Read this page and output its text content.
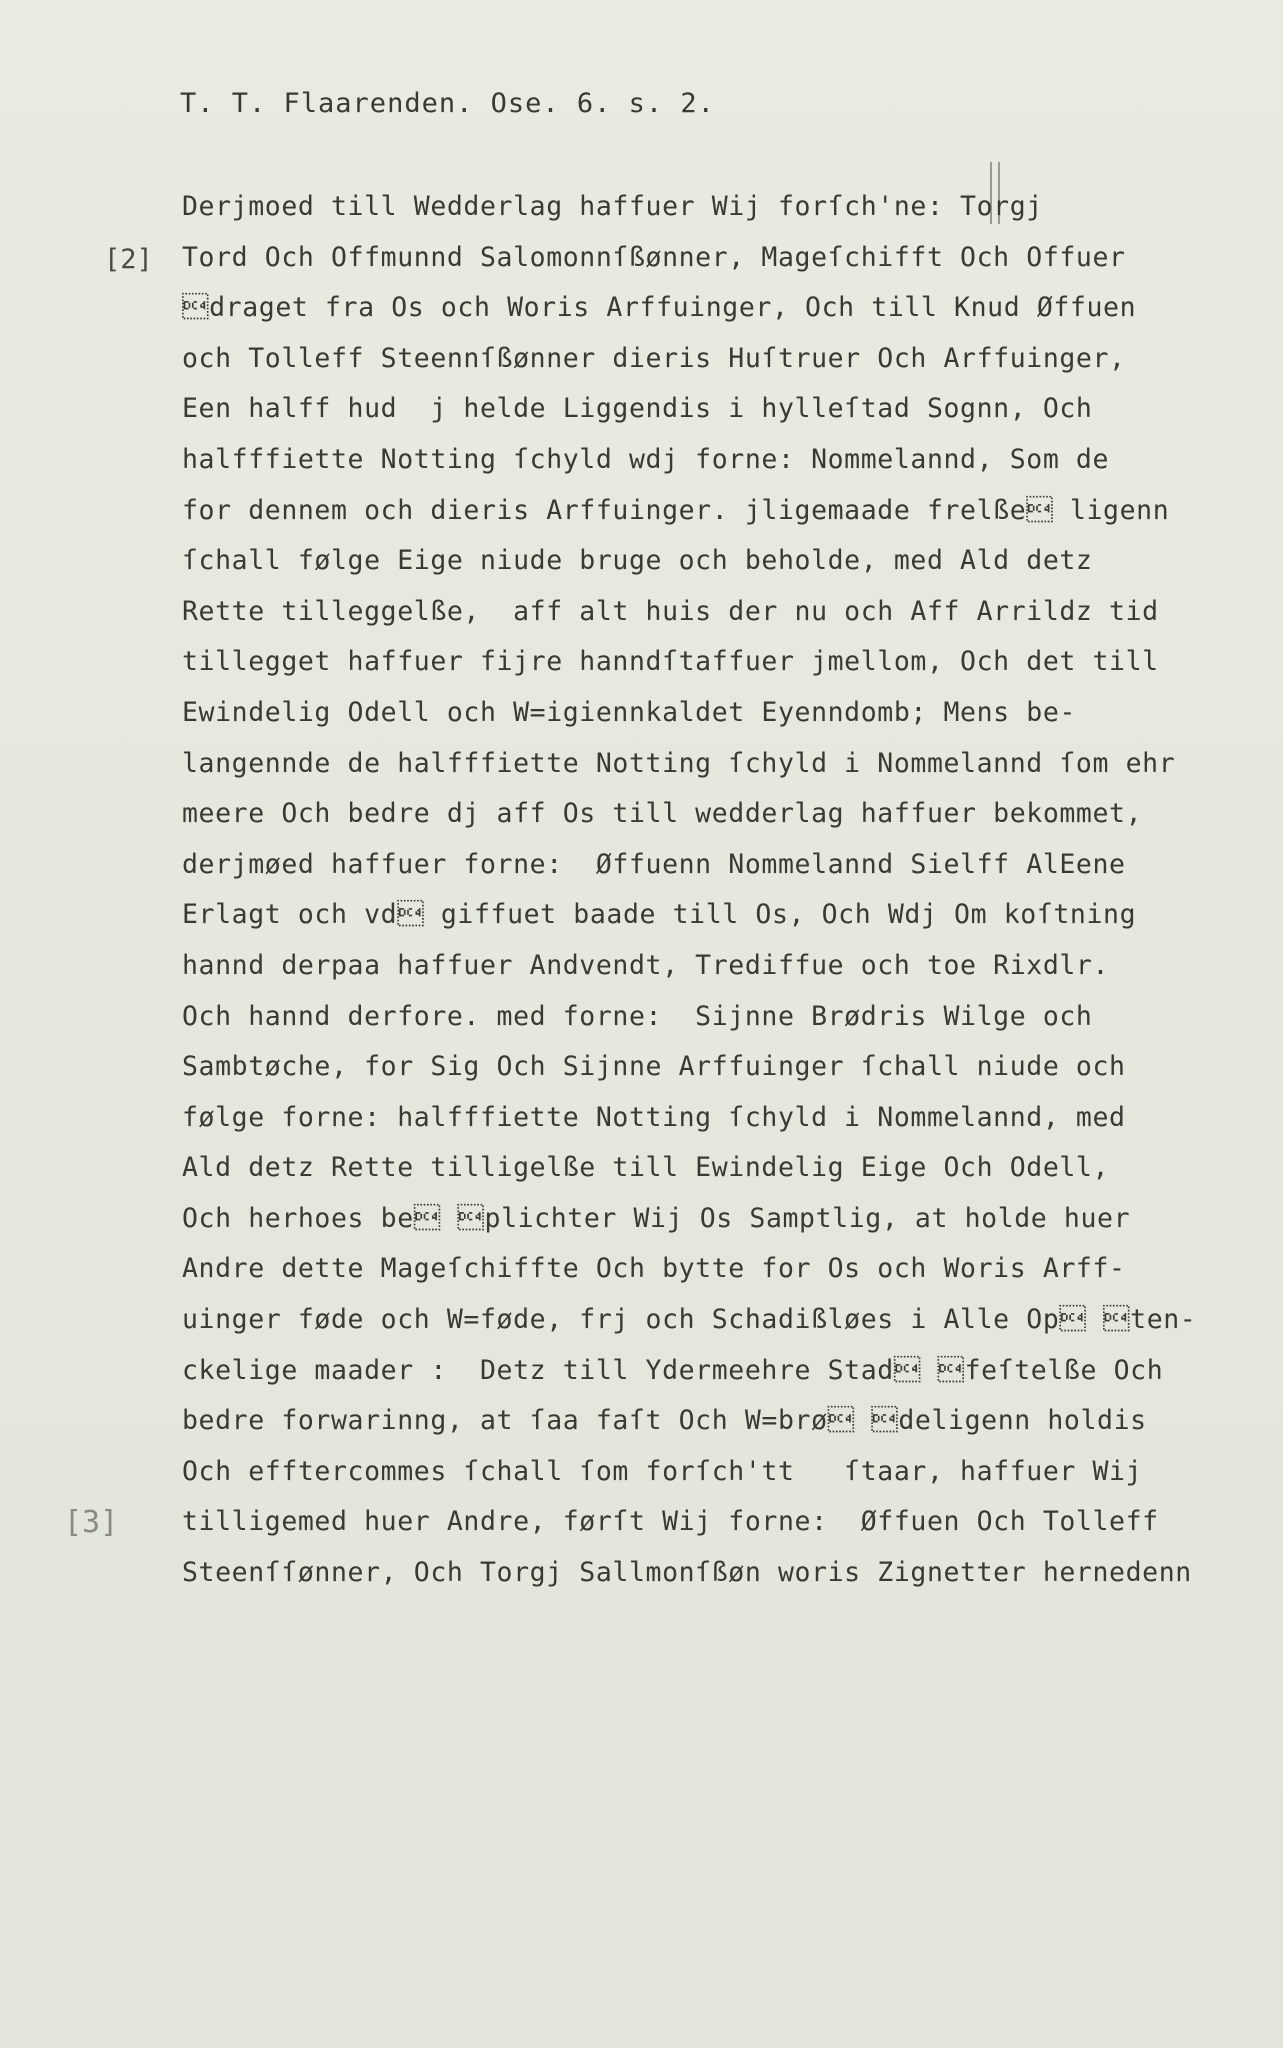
T. T. Flaarenden. Ose. 6. s. 2.
[2]
[3]
Derjmoed till Wedderlag haffuer Wij forſch'ne: Torgj
Tord Och Offmunnd Salomonnſßønner, Mageſchifft Och Offuer
draget fra Os och Woris Arffuinger, Och till Knud Øffuen
och Tolleff Steennſßønner dieris Huſtruer Och Arffuinger,
Een halff hud  j helde Liggendis i hylleſtad Sognn, Och
halfffiette Notting ſchyld wdj forne: Nommelannd, Som de
for dennem och dieris Arffuinger. jligemaade frelße ligenn
ſchall følge Eige niude bruge och beholde, med Ald detz
Rette tilleggelße,  aff alt huis der nu och Aff Arrildz tid
tillegget haffuer fijre hanndſtaffuer jmellom, Och det till
Ewindelig Odell och W=igiennkaldet Eyenndomb; Mens be-
langennde de halfffiette Notting ſchyld i Nommelannd ſom ehr
meere Och bedre dj aff Os till wedderlag haffuer bekommet,
derjmøed haffuer forne:  Øffuenn Nommelannd Sielff AlEene
Erlagt och vd giffuet baade till Os, Och Wdj Om koſtning
hannd derpaa haffuer Andvendt, Trediffue och toe Rixdlr.
Och hannd derfore. med forne:  Sijnne Brødris Wilge och
Sambtøche, for Sig Och Sijnne Arffuinger ſchall niude och
følge forne: halfffiette Notting ſchyld i Nommelannd, med
Ald detz Rette tilligelße till Ewindelig Eige Och Odell,
Och herhoes be plichter Wij Os Samptlig, at holde huer
Andre dette Mageſchiffte Och bytte for Os och Woris Arff-
uinger føde och W=føde, frj och Schadißløes i Alle Op ten-
ckelige maader :  Detz till Ydermeehre Stad feſtelße Och
bedre forwarinng, at ſaa faſt Och W=brø deligenn holdis
Och efftercommes ſchall ſom forſch'tt   ſtaar, haffuer Wij
tilligemed huer Andre, førſt Wij forne:  Øffuen Och Tolleff
Steenſſønner, Och Torgj Sallmonſßøn woris Zignetter hernedenn
